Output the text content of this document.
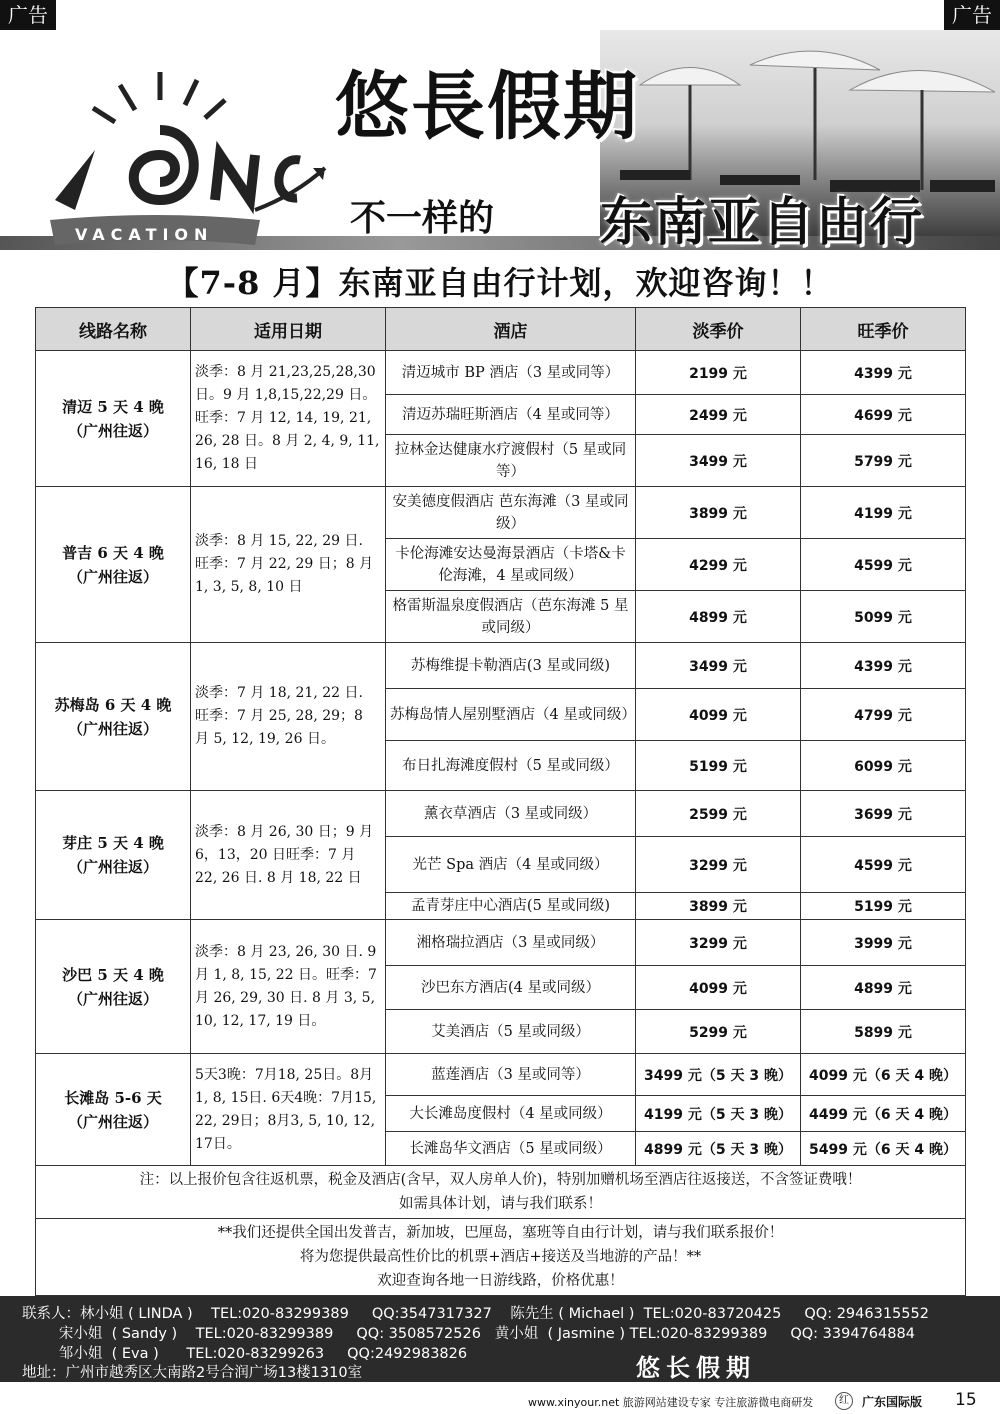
广告	广告
VACATION
悠長假期
不一样的 东南亚自由行
【7-8 月】东南亚自由行计划，欢迎咨询！！
线路名称	适用日期	酒店	淡季价	旺季价

清迈 5 天 4 晚
（广州往返）	淡季：8 月 21,23,25,28,30 日。9 月 1,8,15,22,29 日。旺季：7 月 12, 14, 19, 21, 26, 28 日。8 月 2, 4, 9, 11, 16, 18 日	清迈城市 BP 酒店（3 星或同等）	2199 元	4399 元
		清迈苏瑞旺斯酒店（4 星或同等）	2499 元	4699 元
		拉林金达健康水疗渡假村（5 星或同等）	3499 元	5799 元

普吉 6 天 4 晚
（广州往返）	淡季：8 月 15, 22, 29 日. 旺季：7 月 22, 29 日；8 月 1, 3, 5, 8, 10 日	安美德度假酒店 芭东海滩（3 星或同级）	3899 元	4199 元
		卡伦海滩安达曼海景酒店（卡塔&卡伦海滩，4 星或同级）	4299 元	4599 元
		格雷斯温泉度假酒店（芭东海滩 5 星或同级）	4899 元	5099 元

苏梅岛 6 天 4 晚
（广州往返）	淡季：7 月 18, 21, 22 日. 旺季：7 月 25, 28, 29；8 月 5, 12, 19, 26 日。	苏梅维提卡勒酒店(3 星或同级)	3499 元	4399 元
		苏梅岛情人屋别墅酒店（4 星或同级）	4099 元	4799 元
		布日扎海滩度假村（5 星或同级）	5199 元	6099 元

芽庄 5 天 4 晚
（广州往返）	淡季：8 月 26, 30 日；9 月 6，13，20 日旺季：7 月 22, 26 日. 8 月 18, 22 日	薰衣草酒店（3 星或同级）	2599 元	3699 元
		光芒 Spa 酒店（4 星或同级）	3299 元	4599 元
		孟青芽庄中心酒店(5 星或同级)	3899 元	5199 元

沙巴 5 天 4 晚
（广州往返）	淡季：8 月 23, 26, 30 日. 9 月 1, 8, 15, 22 日。旺季：7 月 26, 29, 30 日. 8 月 3, 5, 10, 12, 17, 19 日。	湘格瑞拉酒店（3 星或同级）	3299 元	3999 元
		沙巴东方酒店(4 星或同级）	4099 元	4899 元
		艾美酒店（5 星或同级）	5299 元	5899 元

长滩岛 5-6 天
（广州往返）	5天3晚：7月18, 25日。8月1, 8, 15日. 6天4晚：7月15, 22, 29日；8月3, 5, 10, 12, 17日。	蓝莲酒店（3 星或同等）	3499 元（5 天 3 晚）	4099 元（6 天 4 晚）
		大长滩岛度假村（4 星或同级）	4199 元（5 天 3 晚）	4499 元（6 天 4 晚）
		长滩岛华文酒店（5 星或同级）	4899 元（5 天 3 晚）	5499 元（6 天 4 晚）

注：以上报价包含往返机票，税金及酒店(含早，双人房单人价)，特别加赠机场至酒店往返接送，不含签证费哦！
如需具体计划，请与我们联系！				

**我们还提供全国出发普吉，新加坡，巴厘岛，塞班等自由行计划，请与我们联系报价！
将为您提供最高性价比的机票+酒店+接送及当地游的产品！**
欢迎查询各地一日游线路，价格优惠！				
联系人：林小姐 ( LINDA )    TEL:020-83299389     QQ:3547317327    陈先生 ( Michael )  TEL:020-83720425     QQ: 2946315552
宋小姐  ( Sandy )    TEL:020-83299389     QQ: 3508572526   黄小姐  ( Jasmine ) TEL:020-83299389     QQ: 3394764884
邹小姐  ( Eva )      TEL:020-83299263     QQ:2492983826
地址：广州市越秀区大南路2号合润广场13楼1310室	悠长假期
www.xinyour.net 旅游网站建设专家 专注旅游微电商研发	红	广东国际版 15
